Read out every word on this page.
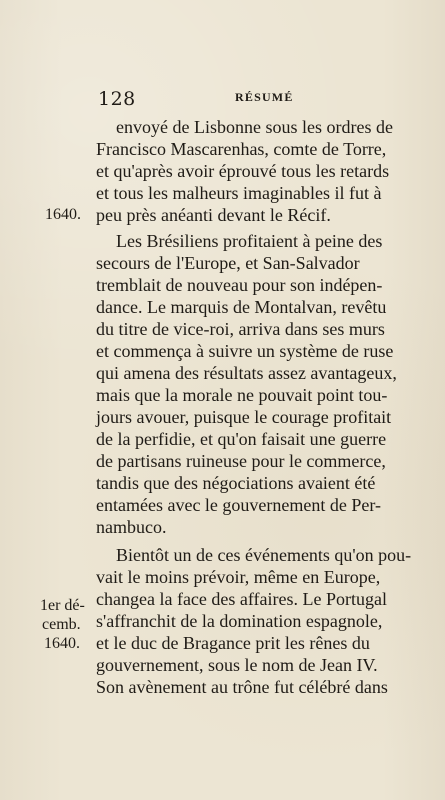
128	RÉSUMÉ
envoyé de Lisbonne sous les ordres de
Francisco Mascarenhas, comte de Torre,
et qu'après avoir éprouvé tous les retards
et tous les malheurs imaginables il fut à
peu près anéanti devant le Récif.
Les Brésiliens profitaient à peine des
secours de l'Europe, et San-Salvador
tremblait de nouveau pour son indépen-
dance. Le marquis de Montalvan, revêtu
du titre de vice-roi, arriva dans ses murs
et commença à suivre un système de ruse
qui amena des résultats assez avantageux,
mais que la morale ne pouvait point tou-
jours avouer, puisque le courage profitait
de la perfidie, et qu'on faisait une guerre
de partisans ruineuse pour le commerce,
tandis que des négociations avaient été
entamées avec le gouvernement de Per-
nambuco.
Bientôt un de ces événements qu'on pou-
vait le moins prévoir, même en Europe,
changea la face des affaires. Le Portugal
s'affranchit de la domination espagnole,
et le duc de Bragance prit les rênes du
gouvernement, sous le nom de Jean IV.
Son avènement au trône fut célébré dans
1640.
1er dé-
cemb.
1640.
